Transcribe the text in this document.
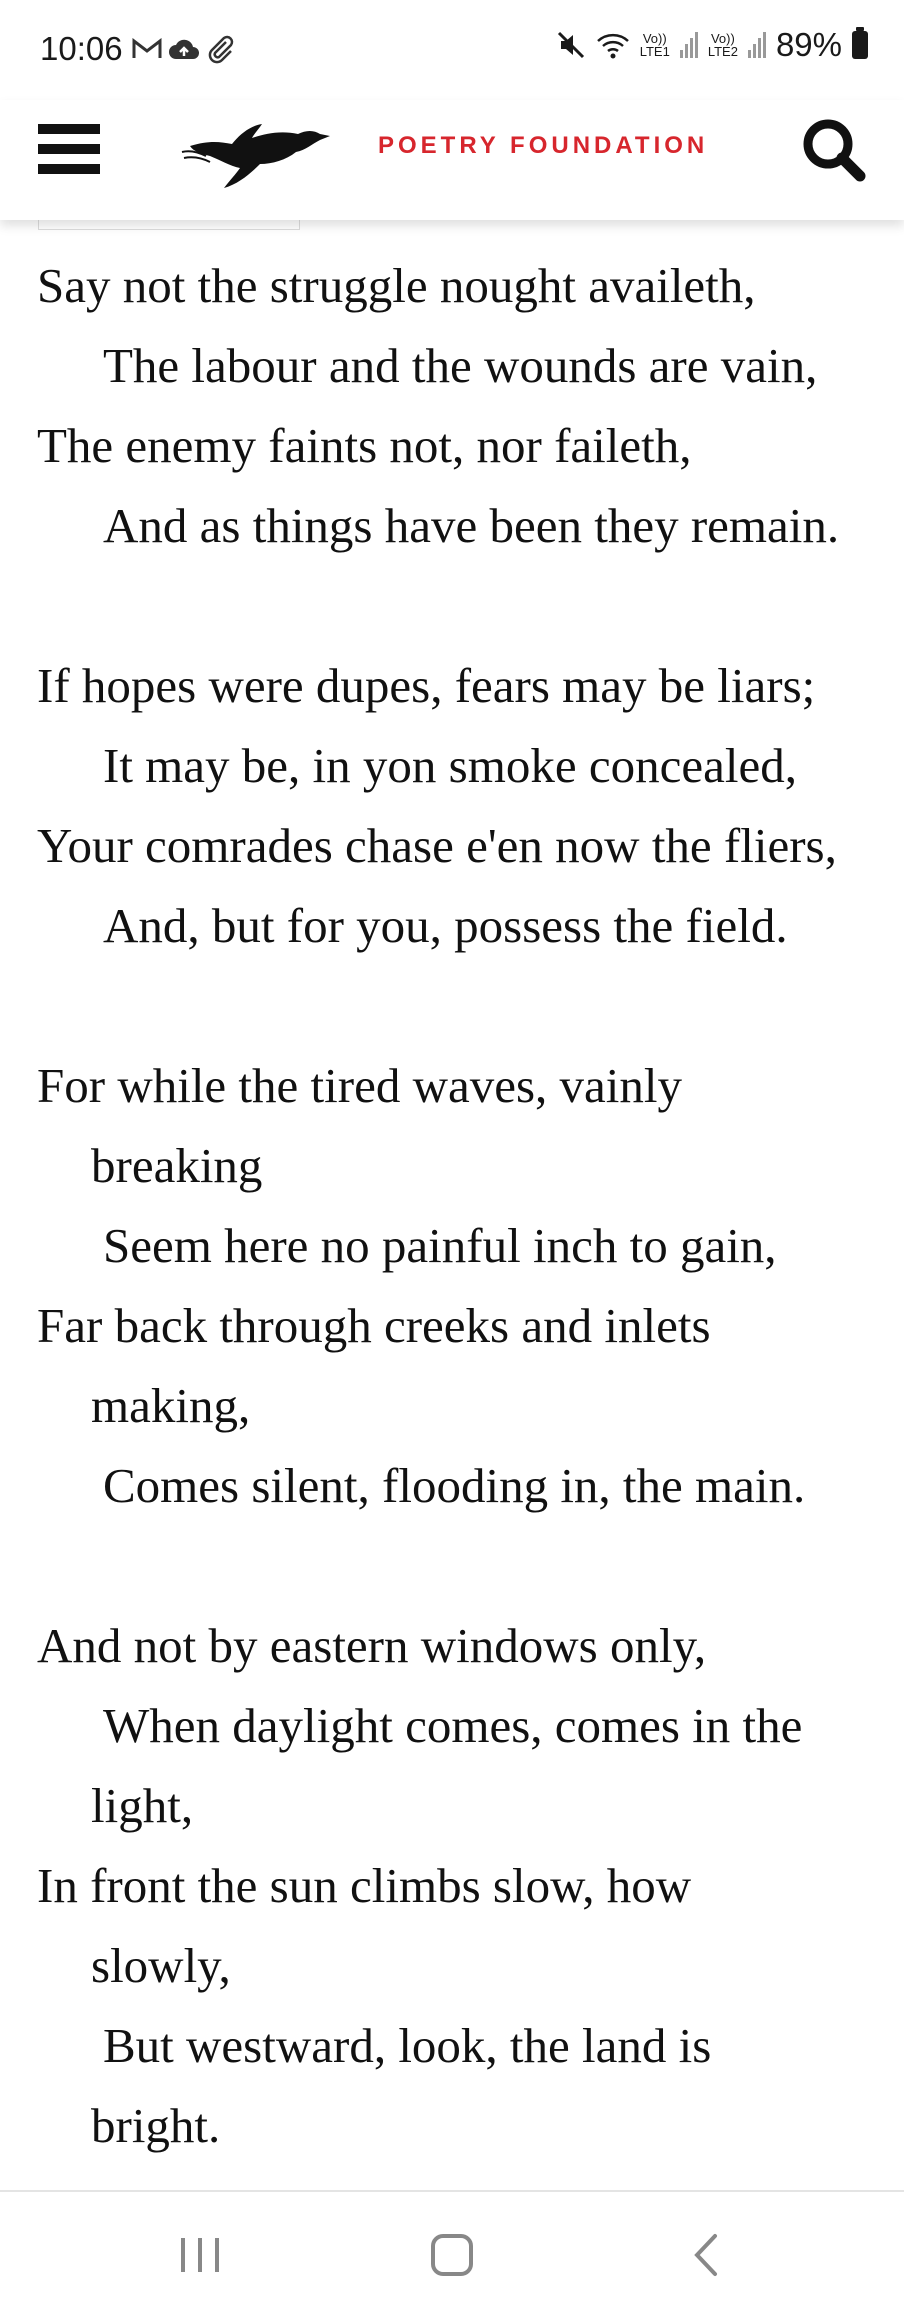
10:06	Vo))
LTE1
Vo))
LTE2 89%
POETRY FOUNDATION
Say not the struggle nought availeth,
The labour and the wounds are vain,
The enemy faints not, nor faileth,
And as things have been they remain.
If hopes were dupes, fears may be liars;
It may be, in yon smoke concealed,
Your comrades chase e'en now the fliers,
And, but for you, possess the field.
For while the tired waves, vainly
breaking
Seem here no painful inch to gain,
Far back through creeks and inlets
making,
Comes silent, flooding in, the main.
And not by eastern windows only,
When daylight comes, comes in the
light,
In front the sun climbs slow, how
slowly,
But westward, look, the land is
bright.
